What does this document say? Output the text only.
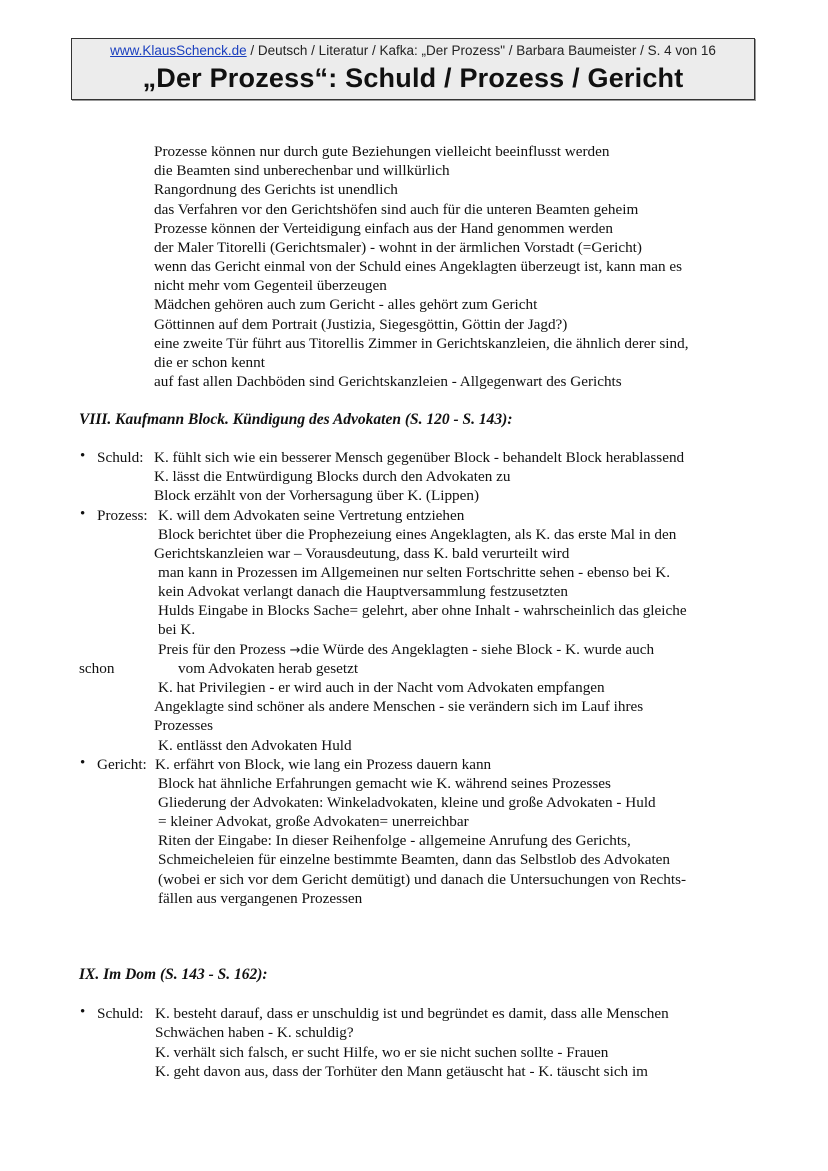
www.KlausSchenck.de / Deutsch / Literatur / Kafka: „Der Prozess" / Barbara Baumeister / S. 4 von 16
„Der Prozess“: Schuld / Prozess / Gericht
Prozesse können nur durch gute Beziehungen vielleicht beeinflusst werden
die Beamten sind unberechenbar und willkürlich
Rangordnung des Gerichts ist unendlich
das Verfahren vor den Gerichtshöfen sind auch für die unteren Beamten geheim
Prozesse können der Verteidigung einfach aus der Hand genommen werden
der Maler Titorelli (Gerichtsmaler) - wohnt in der ärmlichen Vorstadt (=Gericht)
wenn das Gericht einmal von der Schuld eines Angeklagten überzeugt ist, kann man es
nicht mehr vom Gegenteil überzeugen
Mädchen gehören auch zum Gericht - alles gehört zum Gericht
Göttinnen auf dem Portrait (Justizia, Siegesgöttin, Göttin der Jagd?)
eine zweite Tür führt aus Titorellis Zimmer in Gerichtskanzleien, die ähnlich derer sind,
die er schon kennt
auf fast allen Dachböden sind Gerichtskanzleien - Allgegenwart des Gerichts
VIII. Kaufmann Block. Kündigung des Advokaten (S. 120 - S. 143):
• Schuld: K. fühlt sich wie ein besserer Mensch gegenüber Block - behandelt Block herablassend
K. lässt die Entwürdigung Blocks durch den Advokaten zu
Block erzählt von der Vorhersagung über K. (Lippen)
• Prozess: K. will dem Advokaten seine Vertretung entziehen
Block berichtet über die Prophezeiung eines Angeklagten, als K. das erste Mal in den
Gerichtskanzleien war – Vorausdeutung, dass K. bald verurteilt wird
man kann in Prozessen im Allgemeinen nur selten Fortschritte sehen - ebenso bei K.
kein Advokat verlangt danach die Hauptversammlung festzusetzten
Hulds Eingabe in Blocks Sache= gelehrt, aber ohne Inhalt - wahrscheinlich das gleiche
bei K.
Preis für den Prozess →die Würde des Angeklagten - siehe Block - K. wurde auch
schon	vom Advokaten herab gesetzt
K. hat Privilegien - er wird auch in der Nacht vom Advokaten empfangen
Angeklagte sind schöner als andere Menschen - sie verändern sich im Lauf ihres
Prozesses
K. entlässt den Advokaten Huld
• Gericht: K. erfährt von Block, wie lang ein Prozess dauern kann
Block hat ähnliche Erfahrungen gemacht wie K. während seines Prozesses
Gliederung der Advokaten: Winkeladvokaten, kleine und große Advokaten - Huld
= kleiner Advokat, große Advokaten= unerreichbar
Riten der Eingabe: In dieser Reihenfolge - allgemeine Anrufung des Gerichts,
Schmeicheleien für einzelne bestimmte Beamten, dann das Selbstlob des Advokaten
(wobei er sich vor dem Gericht demütigt) und danach die Untersuchungen von Rechts-
fällen aus vergangenen Prozessen
IX. Im Dom (S. 143 - S. 162):
• Schuld: K. besteht darauf, dass er unschuldig ist und begründet es damit, dass alle Menschen
Schwächen haben - K. schuldig?
K. verhält sich falsch, er sucht Hilfe, wo er sie nicht suchen sollte - Frauen
K. geht davon aus, dass der Torhüter den Mann getäuscht hat - K. täuscht sich im
